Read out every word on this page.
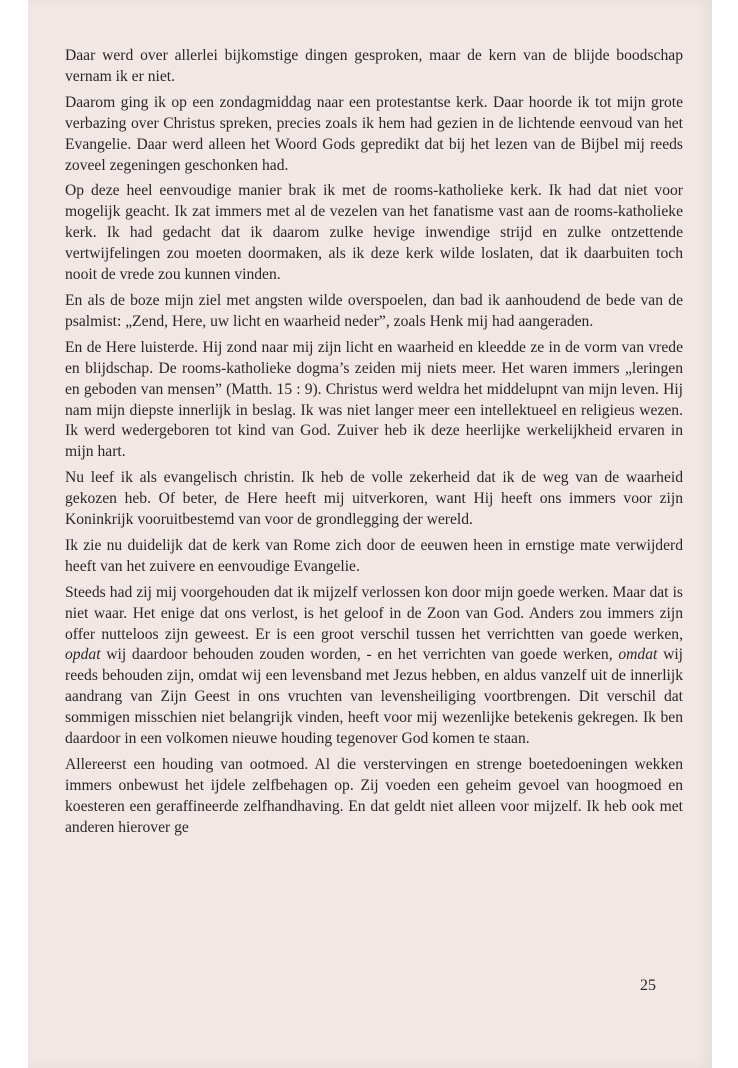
Daar werd over allerlei bijkomstige dingen gesproken, maar de kern van de blijde boodschap vernam ik er niet.

Daarom ging ik op een zondagmiddag naar een protestantse kerk. Daar hoorde ik tot mijn grote verbazing over Christus spreken, precies zoals ik hem had gezien in de lichtende eenvoud van het Evangelie. Daar werd alleen het Woord Gods gepredikt dat bij het lezen van de Bijbel mij reeds zoveel zegeningen geschonken had.

Op deze heel eenvoudige manier brak ik met de rooms-katholieke kerk. Ik had dat niet voor mogelijk geacht. Ik zat immers met al de vezelen van het fanatisme vast aan de rooms-katholieke kerk. Ik had gedacht dat ik daarom zulke hevige inwendige strijd en zulke ontzettende vertwijfelingen zou moeten doormaken, als ik deze kerk wilde loslaten, dat ik daarbuiten toch nooit de vrede zou kunnen vinden.

En als de boze mijn ziel met angsten wilde overspoelen, dan bad ik aanhoudend de bede van de psalmist: „Zend, Here, uw licht en waarheid neder”, zoals Henk mij had aangeraden.

En de Here luisterde. Hij zond naar mij zijn licht en waarheid en kleedde ze in de vorm van vrede en blijdschap. De rooms-katholieke dogma’s zeiden mij niets meer. Het waren immers „leringen en geboden van mensen” (Matth. 15 : 9). Christus werd weldra het middelupnt van mijn leven. Hij nam mijn diepste innerlijk in beslag. Ik was niet langer meer een intellektueel en religieus wezen. Ik werd wedergeboren tot kind van God. Zuiver heb ik deze heerlijke werkelijkheid ervaren in mijn hart.

Nu leef ik als evangelisch christin. Ik heb de volle zekerheid dat ik de weg van de waarheid gekozen heb. Of beter, de Here heeft mij uitverkoren, want Hij heeft ons immers voor zijn Koninkrijk vooruitbestemd van voor de grondlegging der wereld.

Ik zie nu duidelijk dat de kerk van Rome zich door de eeuwen heen in ernstige mate verwijderd heeft van het zuivere en eenvoudige Evangelie.

Steeds had zij mij voorgehouden dat ik mijzelf verlossen kon door mijn goede werken. Maar dat is niet waar. Het enige dat ons verlost, is het geloof in de Zoon van God. Anders zou immers zijn offer nutteloos zijn geweest. Er is een groot verschil tussen het verrichtten van goede werken, opdat wij daardoor behouden zouden worden, - en het verrichten van goede werken, omdat wij reeds behouden zijn, omdat wij een levensband met Jezus hebben, en aldus vanzelf uit de innerlijk aandrang van Zijn Geest in ons vruchten van levensheiliging voortbrengen. Dit verschil dat sommigen misschien niet belangrijk vinden, heeft voor mij wezenlijke betekenis gekregen. Ik ben daardoor in een volkomen nieuwe houding tegenover God komen te staan.

Allereerst een houding van ootmoed. Al die verstervingen en strenge boetedoeningen wekken immers onbewust het ijdele zelfbehagen op. Zij voeden een geheim gevoel van hoogmoed en koesteren een geraffineerde zelfhandhaving. En dat geldt niet alleen voor mijzelf. Ik heb ook met anderen hierover ge

25
